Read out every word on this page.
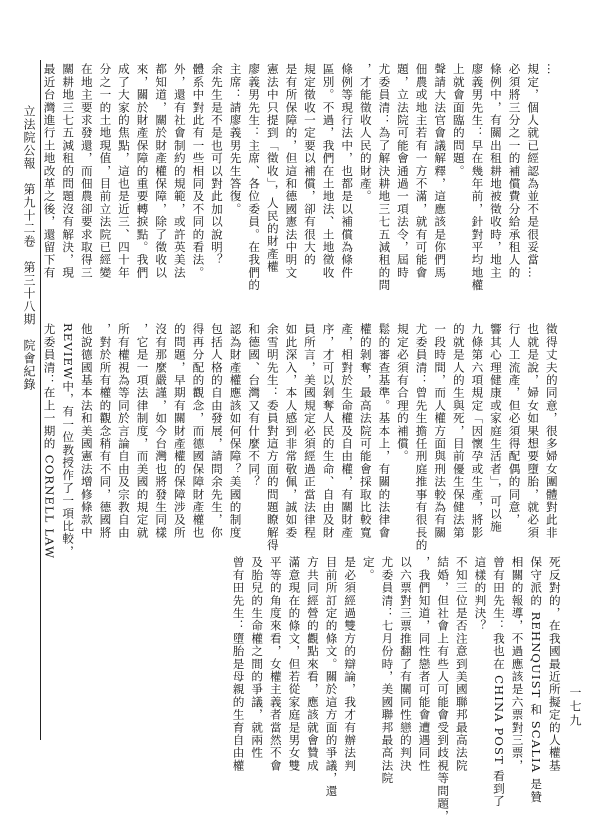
立法院公報　第九十二卷　第三十八期　院會紀錄
一七九
最近台灣進行土地改革之後，還留下有 關耕地三七五減租的問題沒有解決，現 在地主要求發還，而佃農卻要求取得三 分之一的土地現值，目前立法院已經變 成了大家的焦點，這也是近三、四十年 來，關於財產保障的重要轉捩點。我們 都知道，關於財產權保障，除了徵收以 外，還有社會制約的規範，或許英美法 體系中對此有一些相同及不同的看法。 余先生是不是也可以對此加以說明？ 主席：請廖義男先生答復。 廖義男先生：主席、各位委員。在我們的 憲法中只提到「徵收」，人民的財產權 是有所保障的，但這和德國憲法中明文 規定徵收一定要以補償，卻有很大的 區別。不過，我們在土地法、土地徵收 條例等現行法中，也都是以補償為條件 ，才能徵收人民的財產。 尤委員清：為了解決耕地三七五減租的問 題，立法院可能會通過一項法令，屆時 佃農或地主若有一方不滿，就有可能會 聲請大法官會議解釋，這應該是你們馬 上就會面臨的問題。 廖義男先生：早在幾年前，針對平均地權 條例中，有關出租耕地被徵收時，地主 必須將三分之一的補償費分給承租人的 規定，個人就已經認為並不是很妥當… …
尤委員清：在上一期的 CORNELL LAW REVIEW中，有一位教授作了一項比較， 他說德國基本法和美國憲法增修條款中 ，對於所有權的觀念稍有不同，德國將 所有權視為等同於言論自由及宗教自由 ，它是一項法律制度，而美國的規定就 沒有那麼嚴謹，如今台灣也將發生同樣 的問題，早期有關財產權的保障涉及所 得再分配的觀念，而德國保障財產權也 包括人格的自由發展，請問余先生，你 認為財產權應該如何保障？美國的制度 和德國、台灣又有什麼不同？ 余雪明先生：委員對這方面的問題瞭解得 如此深入，本人感到非常敬佩，誠如委 員所言，美國規定必須經過正當法律程 序，才可以剝奪人民的生命、自由及財 產，相對於生命權及自由權，有關財產 權的剝奪，最高法院可能會採取比較寬 鬆的審查基準。基本上，有關的法律會 規定必須有合理的補償。 尤委員清：曾先生擔任刑庭推事有很長的 一段時間，而人權方面與刑法較為有關 的就是人的生與死，目前優生保健法第 九條第六項規定「因懷孕或生產，將影 響其心理健康或家庭生活者」，可以施 行人工流產，但必須得配偶的同意， 也就是說，婦女如果想要墮胎，就必須 徵得丈夫的同意，很多婦女團體對此非
曾有田先生：墮胎是母親的生育自由權 及胎兒的生命權之間的爭議，就兩性 平等的角度來看，女權主義者當然不會 滿意現在的條文，但若從家庭是男女雙 方共同經營的觀點來看，應該就會贊成 目前所訂定的條文。關於這方面的爭議，還 是必須經過雙方的辯論，我才有辦法判 定。 尤委員清：七月份時，美國聯邦最高法院 以六票對三票推翻了有關同性戀的判決 ，我們知道，同性戀者可能會遭遇同性 結婚，但社會上有些人可能會受到歧視等問題， 不知三位是否注意到美國聯邦最高法院 這樣的判決？ 曾有田先生：我也在 CHINA POST 看到了 相關的報導，不過應該是六票對三票， 保守派的 REHNQUIST 和 SCALIA 是贊 死反對的，在我國最近所擬定的人權基
